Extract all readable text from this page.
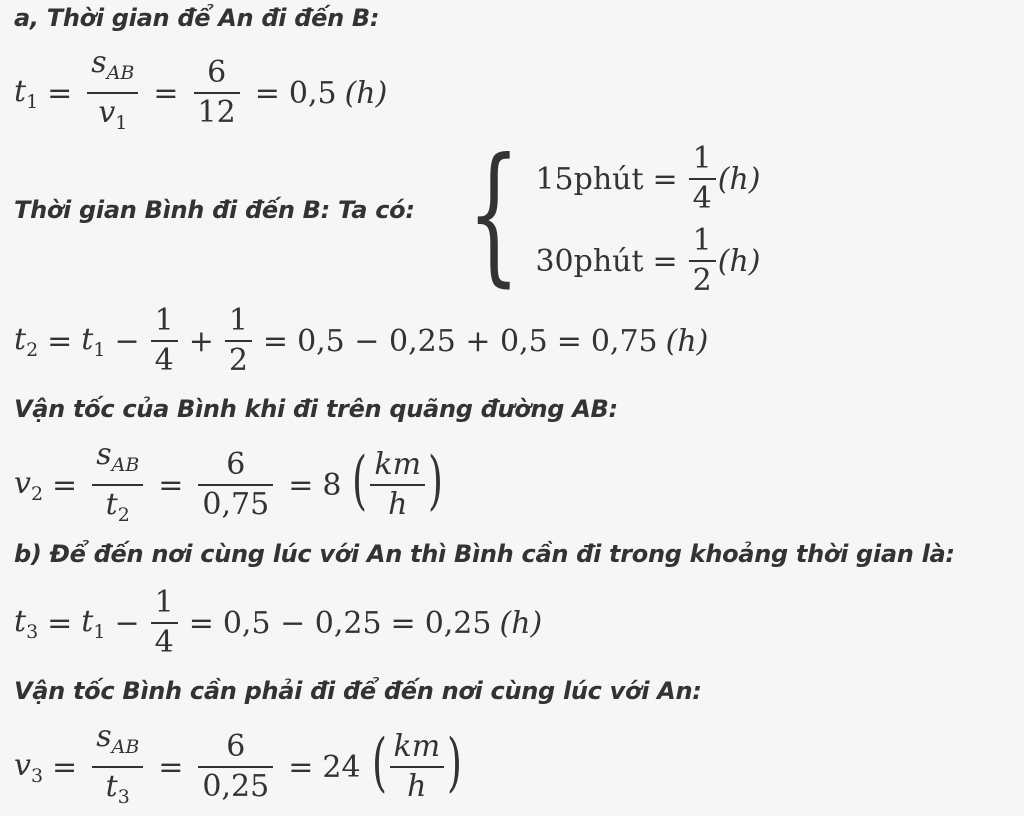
a, Thời gian để An đi đến B:
$t_1 = \frac{s_{AB}}{v_1} = \frac{6}{12} = 0,5$ (h)
Thời gian Bình đi đến B: Ta có: { 15phút = $\frac{1}{4} (h)$
30phút = $\frac{1}{2} (h)$
$t_2 = t_1 - \frac{1}{4} + \frac{1}{2} = 0,5 - 0,25 + 0,5 = 0,75$ (h)
Vận tốc của Bình khi đi trên quãng đường AB:
$v_2 = \frac{s_{AB}}{t_2} = \frac{6}{0,75} = 8$ ( $\frac{km}{h}$ )
b) Để đến nơi cùng lúc với An thì Bình cần đi trong khoảng thời gian là:
$t_3 = t_1 - \frac{1}{4} = 0,5 - 0,25 = 0,25$ (h)
Vận tốc Bình cần phải đi để đến nơi cùng lúc với An:
$v_3 = \frac{s_{AB}}{t_3} = \frac{6}{0,25} = 24$ ( $\frac{km}{h}$ )
